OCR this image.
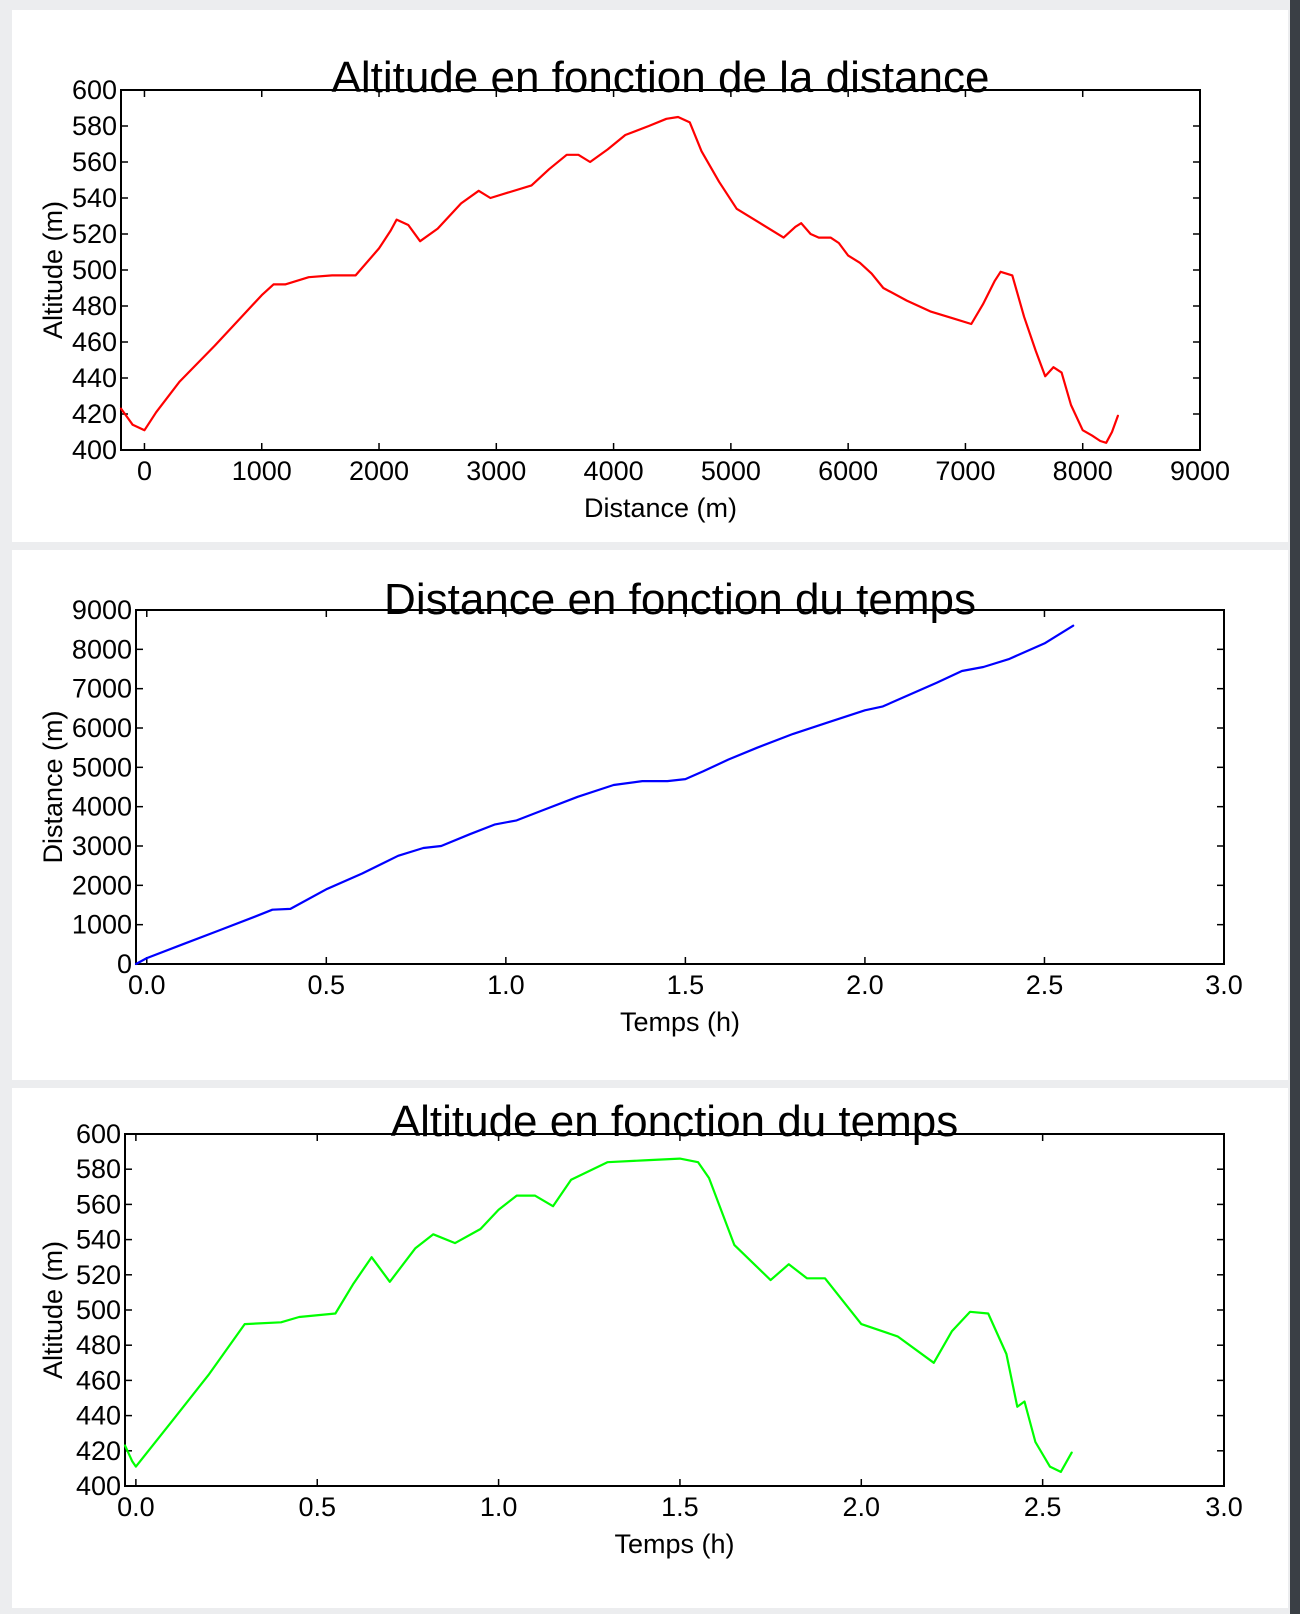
Altitude en fonction de la distance
0	1000 2000 3000 4000 5000 6000 7000 8000 9000
400
420
440
460
480
500
520
540
560
580
600
Distance (m)
Altitude (m)
Distance en fonction du temps
0.0	0.5	1.0	1.5	2.0	2.5	3.0
0
1000
2000
3000
4000
5000
6000
7000
8000
9000
Temps (h)
Distance (m)
Altitude en fonction du temps
0.0	0.5	1.0	1.5	2.0	2.5	3.0
400
420
440
460
480
500
520
540
560
580
600
Temps (h)
Altitude (m)
